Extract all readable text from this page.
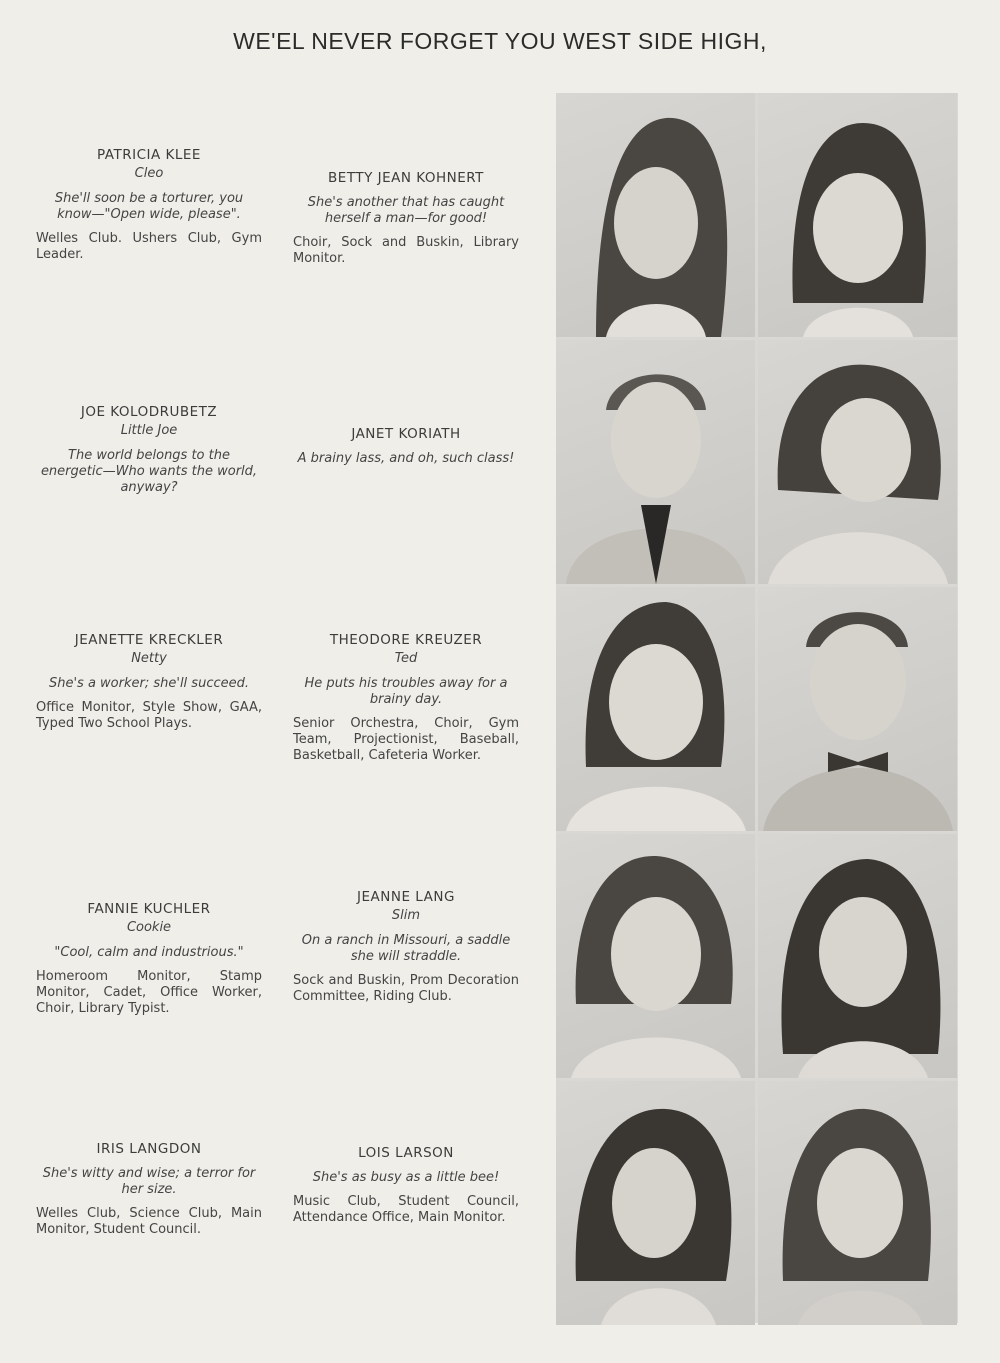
WE'EL NEVER FORGET YOU WEST SIDE HIGH,
PATRICIA KLEE
Cleo
She'll soon be a torturer, you know—"Open wide, please".
Welles Club. Ushers Club, Gym Leader.
BETTY JEAN KOHNERT
She's another that has caught herself a man—for good!
Choir, Sock and Buskin, Library Monitor.
JOE KOLODRUBETZ
Little Joe
The world belongs to the energetic—Who wants the world, anyway?
JANET KORIATH
A brainy lass, and oh, such class!
JEANETTE KRECKLER
Netty
She's a worker; she'll succeed.
Office Monitor, Style Show, GAA, Typed Two School Plays.
THEODORE KREUZER
Ted
He puts his troubles away for a brainy day.
Senior Orchestra, Choir, Gym Team, Projectionist, Baseball, Basketball, Cafeteria Worker.
FANNIE KUCHLER
Cookie
"Cool, calm and industrious."
Homeroom Monitor, Stamp Monitor, Cadet, Office Worker, Choir, Library Typist.
JEANNE LANG
Slim
On a ranch in Missouri, a saddle she will straddle.
Sock and Buskin, Prom Decoration Committee, Riding Club.
IRIS LANGDON
She's witty and wise; a terror for her size.
Welles Club, Science Club, Main Monitor, Student Council.
LOIS LARSON
She's as busy as a little bee!
Music Club, Student Council, Attendance Office, Main Monitor.
